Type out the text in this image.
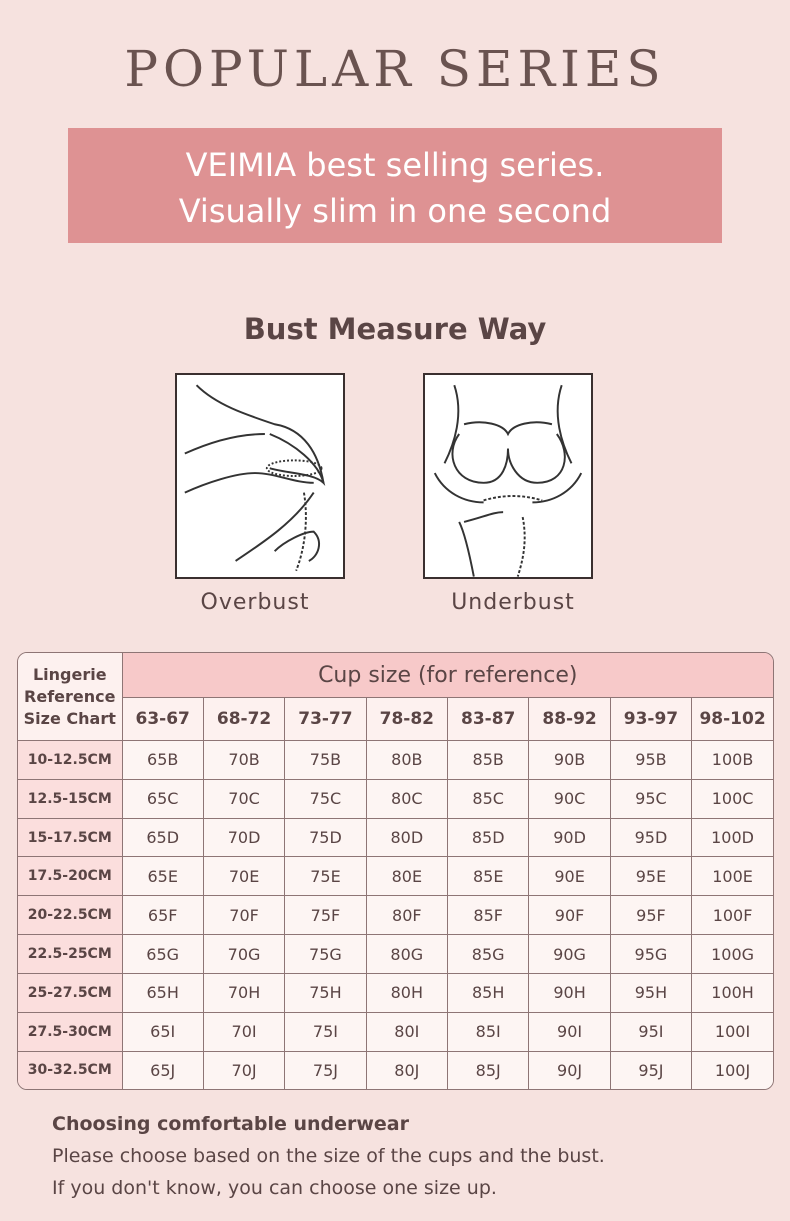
POPULAR SERIES
VEIMIA best selling series.
Visually slim in one second
Bust Measure Way
Overbust	Underbust
Lingerie
Reference
Size Chart	Cup size (for reference)							
	63-67	68-72	73-77	78-82	83-87	88-92	93-97	98-102
10-12.5CM	65B	70B	75B	80B	85B	90B	95B	100B
12.5-15CM	65C	70C	75C	80C	85C	90C	95C	100C
15-17.5CM	65D	70D	75D	80D	85D	90D	95D	100D
17.5-20CM	65E	70E	75E	80E	85E	90E	95E	100E
20-22.5CM	65F	70F	75F	80F	85F	90F	95F	100F
22.5-25CM	65G	70G	75G	80G	85G	90G	95G	100G
25-27.5CM	65H	70H	75H	80H	85H	90H	95H	100H
27.5-30CM	65I	70I	75I	80I	85I	90I	95I	100I
30-32.5CM	65J	70J	75J	80J	85J	90J	95J	100J
Choosing comfortable underwear
Please choose based on the size of the cups and the bust.
If you don't know, you can choose one size up.
